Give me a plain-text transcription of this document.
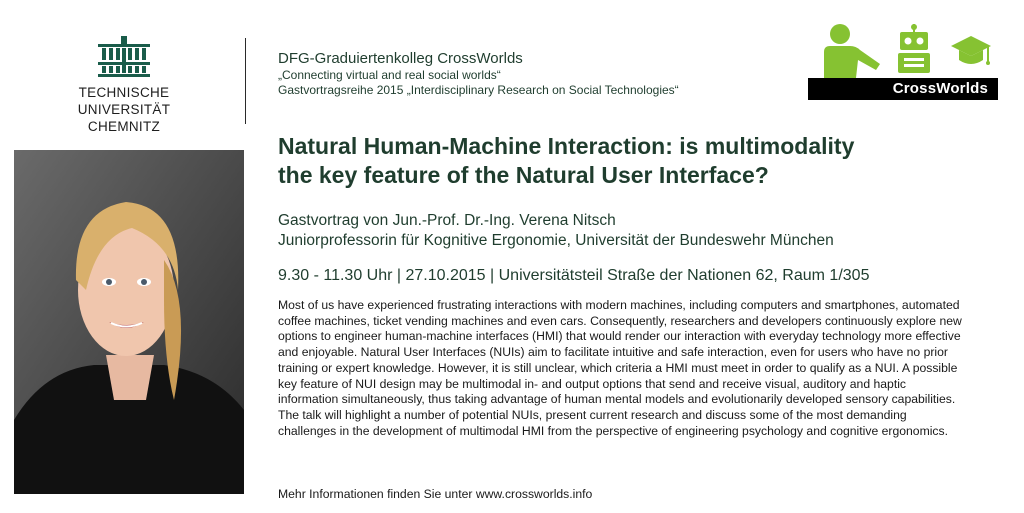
TECHNISCHE UNIVERSITÄT
CHEMNITZ
DFG-Graduiertenkolleg CrossWorlds
„Connecting virtual and real social worlds“
Gastvortragsreihe 2015 „Interdisciplinary Research on Social Technologies“	CrossWorlds
Natural Human-Machine Interaction: is multimodality
the key feature of the Natural User Interface?
Gastvortrag von Jun.-Prof. Dr.-Ing. Verena Nitsch
Juniorprofessorin für Kognitive Ergonomie, Universität der Bundeswehr München
9.30 - 11.30 Uhr | 27.10.2015 | Universitätsteil Straße der Nationen 62, Raum 1/305
Most of us have experienced frustrating interactions with modern machines, including computers and smartphones, automated coffee machines, ticket vending machines and even cars. Consequently, researchers and developers continuously explore new options to engineer human-machine interfaces (HMI) that would render our interaction with everyday technology more effective and enjoyable. Natural User Interfaces (NUIs) aim to facilitate intuitive and safe interaction, even for users who have no prior training or expert knowledge. However, it is still unclear, which criteria a HMI must meet in order to qualify as a NUI. A possible key feature of NUI design may be multimodal in- and output options that send and receive visual, auditory and haptic information simultaneously, thus taking advantage of human mental models and evolutionarily developed sensory capabilities. The talk will highlight a number of potential NUIs, present current research and discuss some of the most demanding challenges in the development of multimodal HMI from the perspective of engineering psychology and cognitive ergonomics.
Mehr Informationen finden Sie unter www.crossworlds.info
